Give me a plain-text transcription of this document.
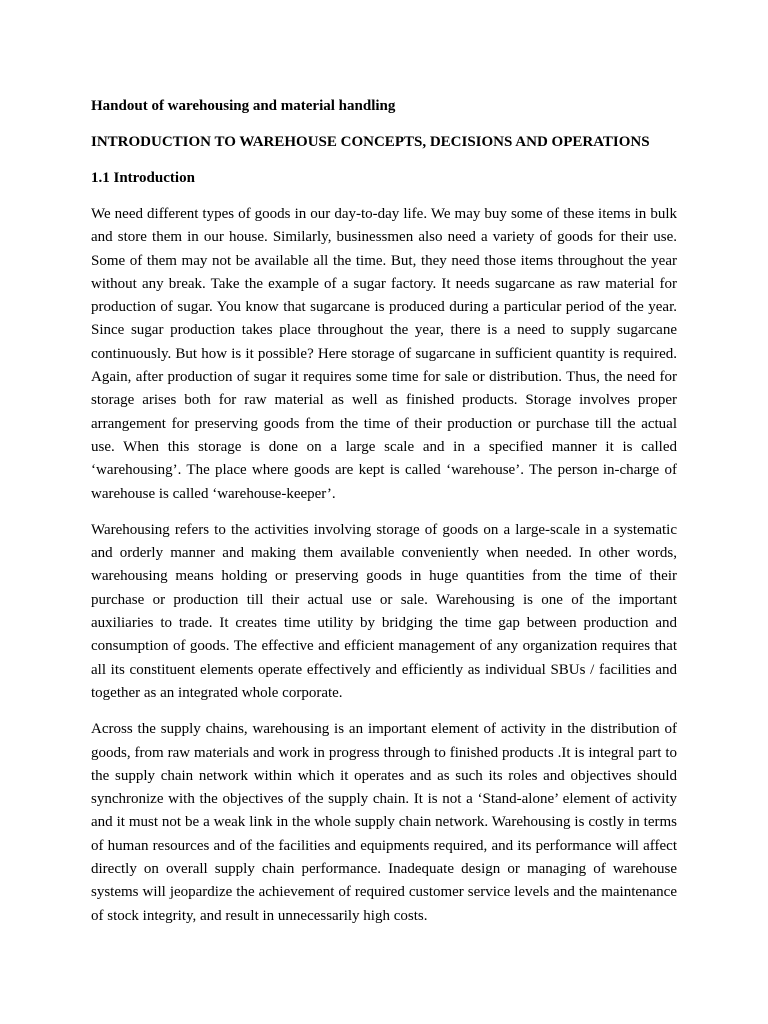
Handout of warehousing and material handling
INTRODUCTION TO WAREHOUSE CONCEPTS, DECISIONS AND OPERATIONS
1.1 Introduction

We need different types of goods in our day-to-day life. We may buy some of these items in bulk and store them in our house. Similarly, businessmen also need a variety of goods for their use. Some of them may not be available all the time. But, they need those items throughout the year without any break. Take the example of a sugar factory. It needs sugarcane as raw material for production of sugar. You know that sugarcane is produced during a particular period of the year. Since sugar production takes place throughout the year, there is a need to supply sugarcane continuously. But how is it possible? Here storage of sugarcane in sufficient quantity is required. Again, after production of sugar it requires some time for sale or distribution. Thus, the need for storage arises both for raw material as well as finished products. Storage involves proper arrangement for preserving goods from the time of their production or purchase till the actual use. When this storage is done on a large scale and in a specified manner it is called ‘warehousing’. The place where goods are kept is called ‘warehouse’. The person in-charge of warehouse is called ‘warehouse-keeper’.

Warehousing refers to the activities involving storage of goods on a large-scale in a systematic and orderly manner and making them available conveniently when needed. In other words, warehousing means holding or preserving goods in huge quantities from the time of their purchase or production till their actual use or sale. Warehousing is one of the important auxiliaries to trade. It creates time utility by bridging the time gap between production and consumption of goods. The effective and efficient management of any organization requires that all its constituent elements operate effectively and efficiently as individual SBUs / facilities and together as an integrated whole corporate.

Across the supply chains, warehousing is an important element of activity in the distribution of goods, from raw materials and work in progress through to finished products .It is integral part to the supply chain network within which it operates and as such its roles and objectives should synchronize with the objectives of the supply chain. It is not a ‘Stand-alone’ element of activity and it must not be a weak link in the whole supply chain network. Warehousing is costly in terms of human resources and of the facilities and equipments required, and its performance will affect directly on overall supply chain performance. Inadequate design or managing of warehouse systems will jeopardize the achievement of required customer service levels and the maintenance of stock integrity, and result in unnecessarily high costs.
